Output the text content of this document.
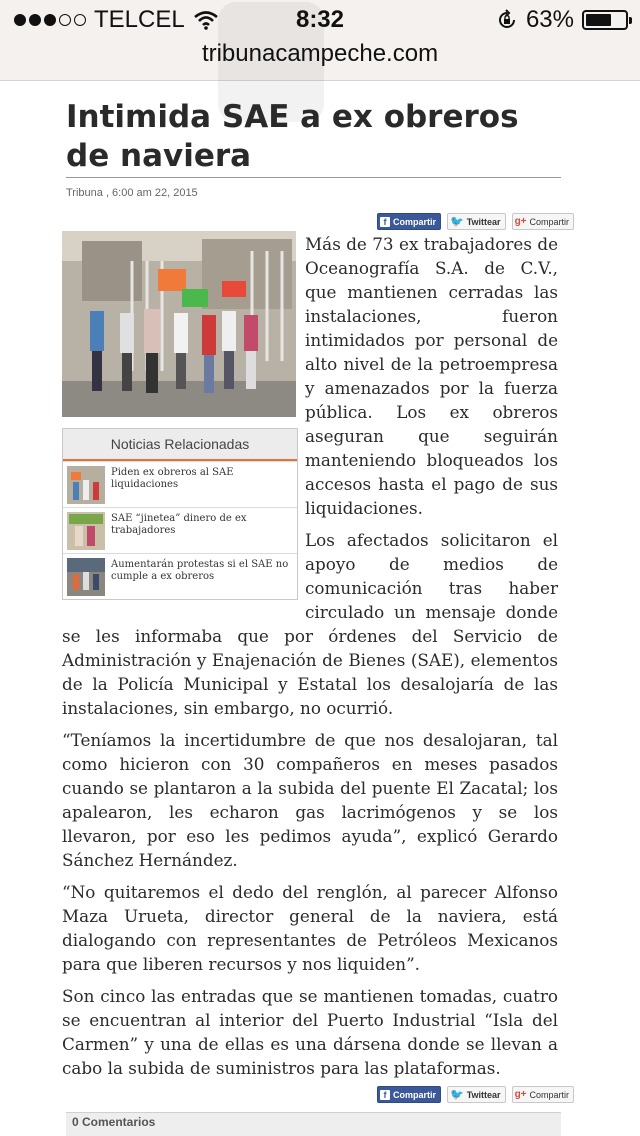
TELCEL	8:32	63%
tribunacampeche.com
Intimida SAE a ex obreros de naviera
Tribuna , 6:00 am 22, 2015
f Compartir 🐦 Twittear g+ Compartir
Noticias Relacionadas
Piden ex obreros al SAE liquidaciones
SAE “jinetea” dinero de ex trabajadores
Aumentarán protestas si el SAE no cumple a ex obreros

Más de 73 ex trabajadores de Oceanografía S.A. de C.V., que mantienen cerradas las instalaciones, fueron intimidados por personal de alto nivel de la petroempresa y amenazados por la fuerza pública. Los ex obreros aseguran que seguirán manteniendo bloqueados los accesos hasta el pago de sus liquidaciones.

Los afectados solicitaron el apoyo de medios de comunicación tras haber circulado un mensaje donde se les informaba que por órdenes del Servicio de Administración y Enajenación de Bienes (SAE), elementos de la Policía Municipal y Estatal los desalojaría de las instalaciones, sin embargo, no ocurrió.

“Teníamos la incertidumbre de que nos desalojaran, tal como hicieron con 30 compañeros en meses pasados cuando se plantaron a la subida del puente El Zacatal; los apalearon, les echaron gas lacrimógenos y se los llevaron, por eso les pedimos ayuda”, explicó Gerardo Sánchez Hernández.

“No quitaremos el dedo del renglón, al parecer Alfonso Maza Urueta, director general de la naviera, está dialogando con representantes de Petróleos Mexicanos para que liberen recursos y nos liquiden”.

Son cinco las entradas que se mantienen tomadas, cuatro se encuentran al interior del Puerto Industrial “Isla del Carmen” y una de ellas es una dársena donde se llevan a cabo la subida de suministros para las plataformas.

f Compartir 🐦 Twittear g+ Compartir
0 Comentarios
